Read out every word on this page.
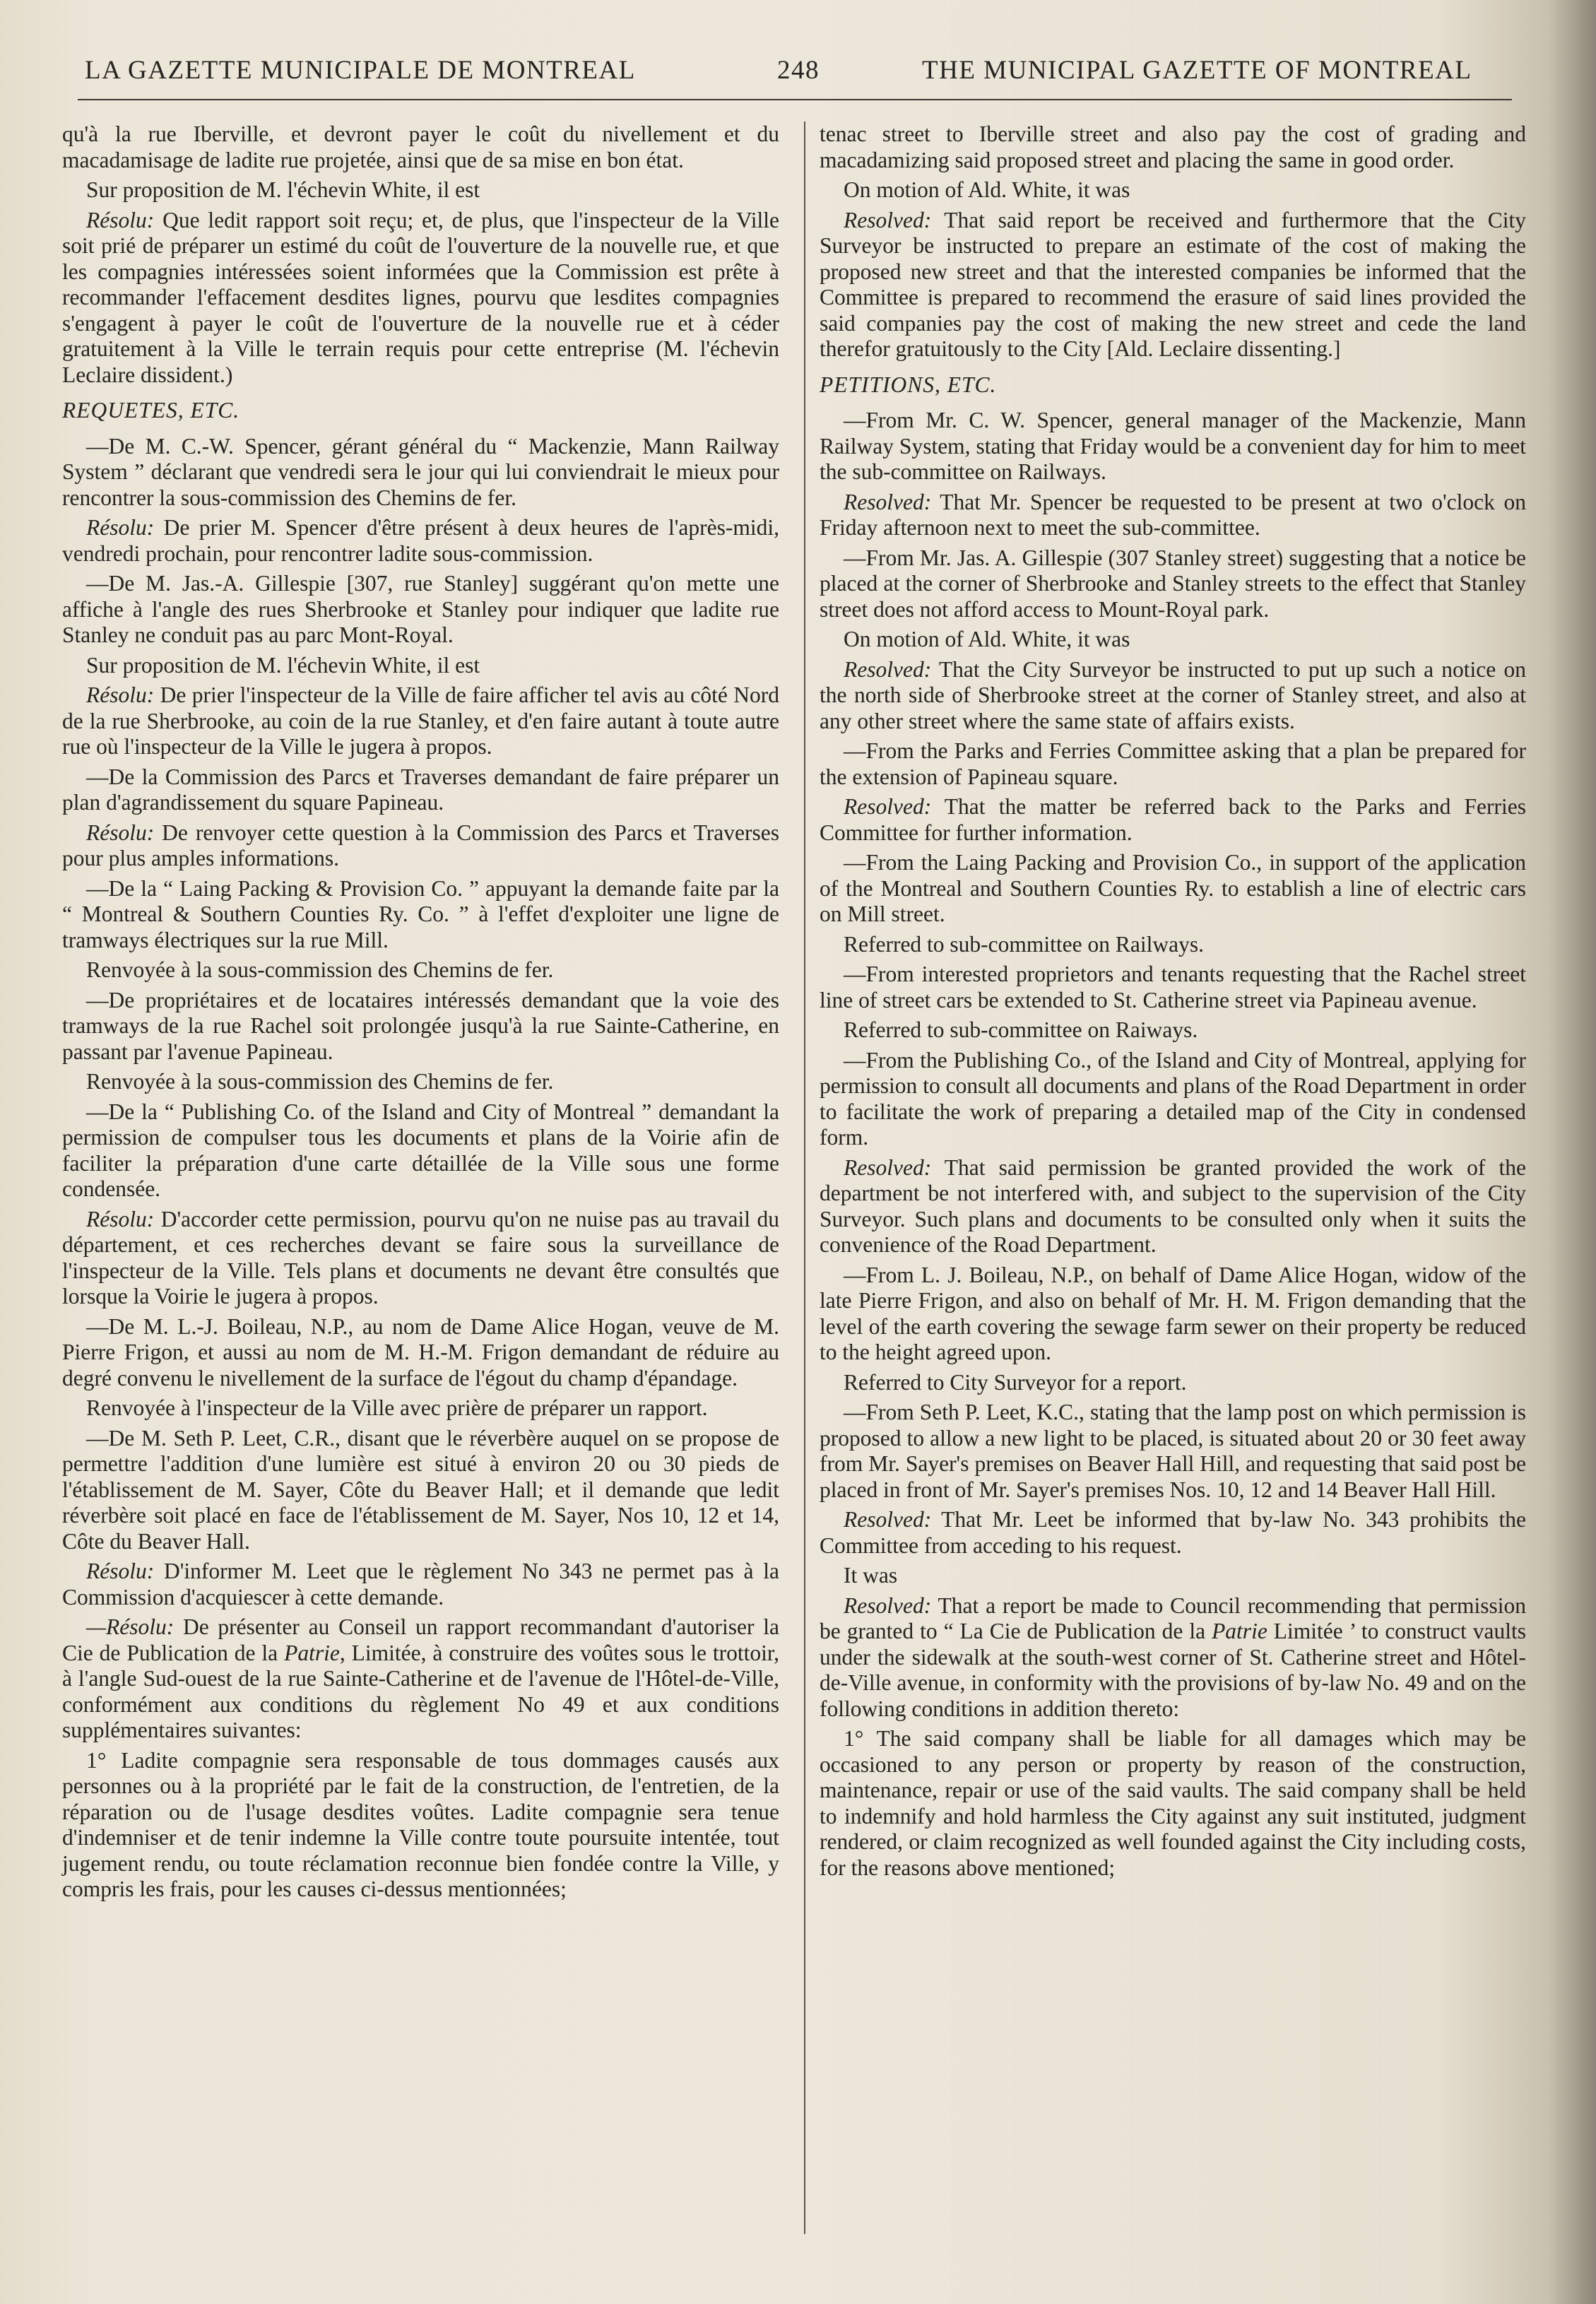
LA GAZETTE MUNICIPALE DE MONTREAL	248	THE MUNICIPAL GAZETTE OF MONTREAL

qu'à la rue Iberville, et devront payer le coût du nivellement et du macadamisage de ladite rue projetée, ainsi que de sa mise en bon état.

Sur proposition de M. l'échevin White, il est

Résolu: Que ledit rapport soit reçu; et, de plus, que l'inspecteur de la Ville soit prié de préparer un estimé du coût de l'ouverture de la nouvelle rue, et que les compagnies intéressées soient informées que la Commission est prête à recommander l'effacement desdites lignes, pourvu que lesdites compagnies s'engagent à payer le coût de l'ouverture de la nouvelle rue et à céder gratuitement à la Ville le terrain requis pour cette entreprise (M. l'échevin Leclaire dissident.)

REQUETES, ETC.

—De M. C.-W. Spencer, gérant général du “ Mackenzie, Mann Railway System ” déclarant que vendredi sera le jour qui lui conviendrait le mieux pour rencontrer la sous-commission des Chemins de fer.

Résolu: De prier M. Spencer d'être présent à deux heures de l'après-midi, vendredi prochain, pour rencontrer ladite sous-commission.

—De M. Jas.-A. Gillespie [307, rue Stanley] suggérant qu'on mette une affiche à l'angle des rues Sherbrooke et Stanley pour indiquer que ladite rue Stanley ne conduit pas au parc Mont-Royal.

Sur proposition de M. l'échevin White, il est

Résolu: De prier l'inspecteur de la Ville de faire afficher tel avis au côté Nord de la rue Sherbrooke, au coin de la rue Stanley, et d'en faire autant à toute autre rue où l'inspecteur de la Ville le jugera à propos.

—De la Commission des Parcs et Traverses demandant de faire préparer un plan d'agrandissement du square Papineau.

Résolu: De renvoyer cette question à la Commission des Parcs et Traverses pour plus amples informations.

—De la “ Laing Packing & Provision Co. ” appuyant la demande faite par la “ Montreal & Southern Counties Ry. Co. ” à l'effet d'exploiter une ligne de tramways électriques sur la rue Mill.

Renvoyée à la sous-commission des Chemins de fer.

—De propriétaires et de locataires intéressés demandant que la voie des tramways de la rue Rachel soit prolongée jusqu'à la rue Sainte-Catherine, en passant par l'avenue Papineau.

Renvoyée à la sous-commission des Chemins de fer.

—De la “ Publishing Co. of the Island and City of Montreal ” demandant la permission de compulser tous les documents et plans de la Voirie afin de faciliter la préparation d'une carte détaillée de la Ville sous une forme condensée.

Résolu: D'accorder cette permission, pourvu qu'on ne nuise pas au travail du département, et ces recherches devant se faire sous la surveillance de l'inspecteur de la Ville. Tels plans et documents ne devant être consultés que lorsque la Voirie le jugera à propos.

—De M. L.-J. Boileau, N.P., au nom de Dame Alice Hogan, veuve de M. Pierre Frigon, et aussi au nom de M. H.-M. Frigon demandant de réduire au degré convenu le nivellement de la surface de l'égout du champ d'épandage.

Renvoyée à l'inspecteur de la Ville avec prière de préparer un rapport.

—De M. Seth P. Leet, C.R., disant que le réverbère auquel on se propose de permettre l'addition d'une lumière est situé à environ 20 ou 30 pieds de l'établissement de M. Sayer, Côte du Beaver Hall; et il demande que ledit réverbère soit placé en face de l'établissement de M. Sayer, Nos 10, 12 et 14, Côte du Beaver Hall.

Résolu: D'informer M. Leet que le règlement No 343 ne permet pas à la Commission d'acquiescer à cette demande.

—Résolu: De présenter au Conseil un rapport recommandant d'autoriser la Cie de Publication de la Patrie, Limitée, à construire des voûtes sous le trottoir, à l'angle Sud-ouest de la rue Sainte-Catherine et de l'avenue de l'Hôtel-de-Ville, conformément aux conditions du règlement No 49 et aux conditions supplémentaires suivantes:

1° Ladite compagnie sera responsable de tous dommages causés aux personnes ou à la propriété par le fait de la construction, de l'entretien, de la réparation ou de l'usage desdites voûtes. Ladite compagnie sera tenue d'indemniser et de tenir indemne la Ville contre toute poursuite intentée, tout jugement rendu, ou toute réclamation reconnue bien fondée contre la Ville, y compris les frais, pour les causes ci-dessus mentionnées;

tenac street to Iberville street and also pay the cost of grading and macadamizing said proposed street and placing the same in good order.

On motion of Ald. White, it was

Resolved: That said report be received and furthermore that the City Surveyor be instructed to prepare an estimate of the cost of making the proposed new street and that the interested companies be informed that the Committee is prepared to recommend the erasure of said lines provided the said companies pay the cost of making the new street and cede the land therefor gratuitously to the City [Ald. Leclaire dissenting.]

PETITIONS, ETC.

—From Mr. C. W. Spencer, general manager of the Mackenzie, Mann Railway System, stating that Friday would be a convenient day for him to meet the sub-committee on Railways.

Resolved: That Mr. Spencer be requested to be present at two o'clock on Friday afternoon next to meet the sub-committee.

—From Mr. Jas. A. Gillespie (307 Stanley street) suggesting that a notice be placed at the corner of Sherbrooke and Stanley streets to the effect that Stanley street does not afford access to Mount-Royal park.

On motion of Ald. White, it was

Resolved: That the City Surveyor be instructed to put up such a notice on the north side of Sherbrooke street at the corner of Stanley street, and also at any other street where the same state of affairs exists.

—From the Parks and Ferries Committee asking that a plan be prepared for the extension of Papineau square.

Resolved: That the matter be referred back to the Parks and Ferries Committee for further information.

—From the Laing Packing and Provision Co., in support of the application of the Montreal and Southern Counties Ry. to establish a line of electric cars on Mill street.

Referred to sub-committee on Railways.

—From interested proprietors and tenants requesting that the Rachel street line of street cars be extended to St. Catherine street via Papineau avenue.

Referred to sub-committee on Raiways.

—From the Publishing Co., of the Island and City of Montreal, applying for permission to consult all documents and plans of the Road Department in order to facilitate the work of preparing a detailed map of the City in condensed form.

Resolved: That said permission be granted provided the work of the department be not interfered with, and subject to the supervision of the City Surveyor. Such plans and documents to be consulted only when it suits the convenience of the Road Department.

—From L. J. Boileau, N.P., on behalf of Dame Alice Hogan, widow of the late Pierre Frigon, and also on behalf of Mr. H. M. Frigon demanding that the level of the earth covering the sewage farm sewer on their property be reduced to the height agreed upon.

Referred to City Surveyor for a report.

—From Seth P. Leet, K.C., stating that the lamp post on which permission is proposed to allow a new light to be placed, is situated about 20 or 30 feet away from Mr. Sayer's premises on Beaver Hall Hill, and requesting that said post be placed in front of Mr. Sayer's premises Nos. 10, 12 and 14 Beaver Hall Hill.

Resolved: That Mr. Leet be informed that by-law No. 343 prohibits the Committee from acceding to his request.

It was

Resolved: That a report be made to Council recommending that permission be granted to “ La Cie de Publication de la Patrie Limitée ’ to construct vaults under the sidewalk at the south-west corner of St. Catherine street and Hôtel-de-Ville avenue, in conformity with the provisions of by-law No. 49 and on the following conditions in addition thereto:

1° The said company shall be liable for all damages which may be occasioned to any person or property by reason of the construction, maintenance, repair or use of the said vaults. The said company shall be held to indemnify and hold harmless the City against any suit instituted, judgment rendered, or claim recognized as well founded against the City including costs, for the reasons above mentioned;
